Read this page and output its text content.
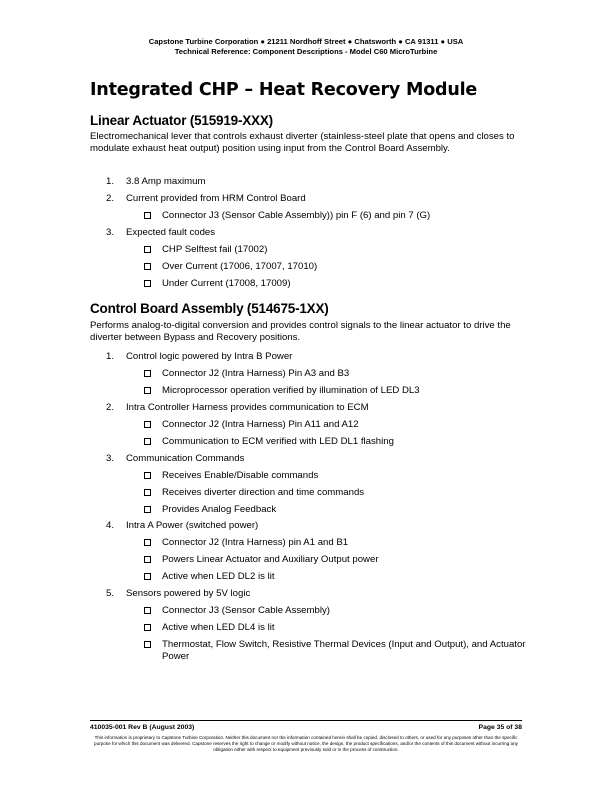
Capstone Turbine Corporation ● 21211 Nordhoff Street ● Chatsworth ● CA 91311 ● USA
Technical Reference: Component Descriptions - Model C60 MicroTurbine
Integrated CHP – Heat Recovery Module
Linear Actuator (515919-XXX)

Electromechanical lever that controls exhaust diverter (stainless-steel plate that opens and closes to modulate exhaust heat output) position using input from the Control Board Assembly.

1. 3.8 Amp maximum
2. Current provided from HRM Control Board
Connector J3 (Sensor Cable Assembly)) pin F (6) and pin 7 (G)
3. Expected fault codes
CHP Selftest fail (17002)
Over Current (17006, 17007, 17010)
Under Current (17008, 17009)
Control Board Assembly (514675-1XX)

Performs analog-to-digital conversion and provides control signals to the linear actuator to drive the diverter between Bypass and Recovery positions.

1. Control logic powered by Intra B Power
Connector J2 (Intra Harness) Pin A3 and B3
Microprocessor operation verified by illumination of LED DL3
2. Intra Controller Harness provides communication to ECM
Connector J2 (Intra Harness) Pin A11 and A12
Communication to ECM verified with LED DL1 flashing
3. Communication Commands
Receives Enable/Disable commands
Receives diverter direction and time commands
Provides Analog Feedback
4. Intra A Power (switched power)
Connector J2 (Intra Harness) pin A1 and B1
Powers Linear Actuator and Auxiliary Output power
Active when LED DL2 is lit
5. Sensors powered by 5V logic
Connector J3 (Sensor Cable Assembly)
Active when LED DL4 is lit
Thermostat, Flow Switch, Resistive Thermal Devices (Input and Output), and Actuator Power
410035-001 Rev B (August 2003)	Page 35 of 38
This information is proprietary to Capstone Turbine Corporation. Neither this document nor the information contained herein shall be copied, disclosed to others, or used for any purposes other than the specific purpose for which this document was delivered. Capstone reserves the right to change or modify without notice, the design, the product specifications, and/or the contents of this document without incurring any obligation either with respect to equipment previously sold or in the process of construction.
